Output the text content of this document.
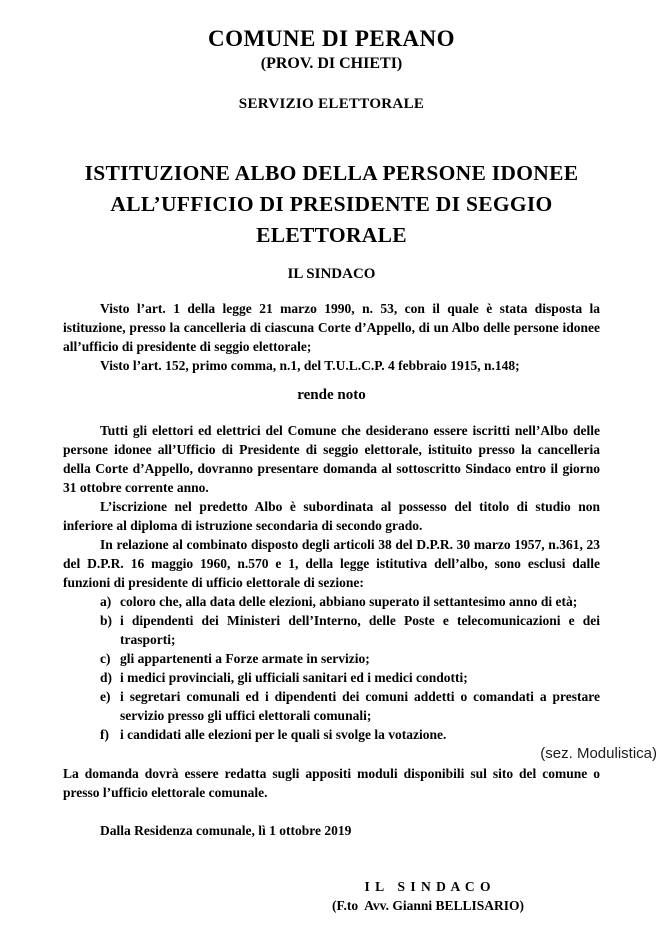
COMUNE DI PERANO
(PROV. DI CHIETI)
SERVIZIO ELETTORALE
ISTITUZIONE ALBO DELLA PERSONE IDONEE ALL’UFFICIO DI PRESIDENTE DI SEGGIO ELETTORALE
IL SINDACO

Visto l’art. 1 della legge 21 marzo 1990, n. 53, con il quale è stata disposta la istituzione, presso la cancelleria di ciascuna Corte d’Appello, di un Albo delle persone idonee all’ufficio di presidente di seggio elettorale;

Visto l’art. 152, primo comma, n.1, del T.U.L.C.P. 4 febbraio 1915, n.148;

rende noto

Tutti gli elettori ed elettrici del Comune che desiderano essere iscritti nell’Albo delle persone idonee all’Ufficio di Presidente di seggio elettorale, istituito presso la cancelleria della Corte d’Appello, dovranno presentare domanda al sottoscritto Sindaco entro il giorno 31 ottobre corrente anno.

L’iscrizione nel predetto Albo è subordinata al possesso del titolo di studio non inferiore al diploma di istruzione secondaria di secondo grado.

In relazione al combinato disposto degli articoli 38 del D.P.R. 30 marzo 1957, n.361, 23 del D.P.R. 16 maggio 1960, n.570 e 1, della legge istitutiva dell’albo, sono esclusi dalle funzioni di presidente di ufficio elettorale di sezione:

a) coloro che, alla data delle elezioni, abbiano superato il settantesimo anno di età;
b) i dipendenti dei Ministeri dell’Interno, delle Poste e telecomunicazioni e dei trasporti;
c) gli appartenenti a Forze armate in servizio;
d) i medici provinciali, gli ufficiali sanitari ed i medici condotti;
e) i segretari comunali ed i dipendenti dei comuni addetti o comandati a prestare servizio presso gli uffici elettorali comunali;
f) i candidati alle elezioni per le quali si svolge la votazione.
(sez. Modulistica)

La domanda dovrà essere redatta sugli appositi moduli disponibili sul sito del comune o presso l’ufficio elettorale comunale.

Dalla Residenza comunale, lì 1 ottobre 2019
I L   S I N D A C O
(F.to  Avv. Gianni BELLISARIO)
